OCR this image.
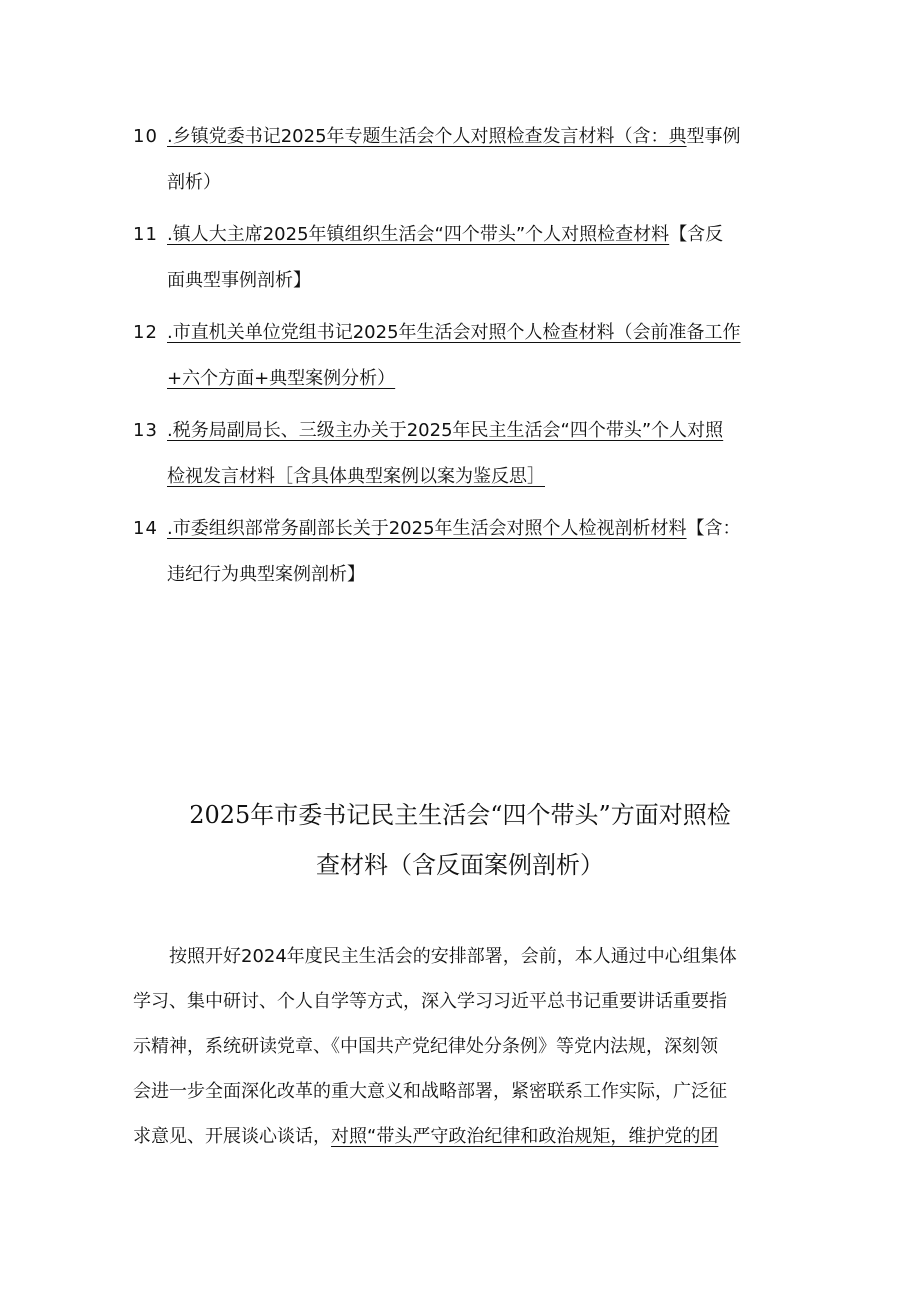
10 .乡镇党委书记2025年专题生活会个人对照检查发言材料（含：典型事例
剖析）
11 .镇人大主席2025年镇组织生活会“四个带头”个人对照检查材料【含反
面典型事例剖析】
12 .市直机关单位党组书记2025年生活会对照个人检查材料（会前准备工作
+六个方面+典型案例分析）
13 .税务局副局长、三级主办关于2025年民主生活会“四个带头”个人对照
检视发言材料［含具体典型案例以案为鉴反思］
14 .市委组织部常务副部长关于2025年生活会对照个人检视剖析材料【含：
违纪行为典型案例剖析】
2025年市委书记民主生活会“四个带头”方面对照检
查材料（含反面案例剖析）
按照开好2024年度民主生活会的安排部署，会前，本人通过中心组集体
学习、集中研讨、个人自学等方式，深入学习习近平总书记重要讲话重要指
示精神，系统研读党章、《中国共产党纪律处分条例》等党内法规，深刻领
会进一步全面深化改革的重大意义和战略部署，紧密联系工作实际，广泛征
求意见、开展谈心谈话，对照“带头严守政治纪律和政治规矩，维护党的团
